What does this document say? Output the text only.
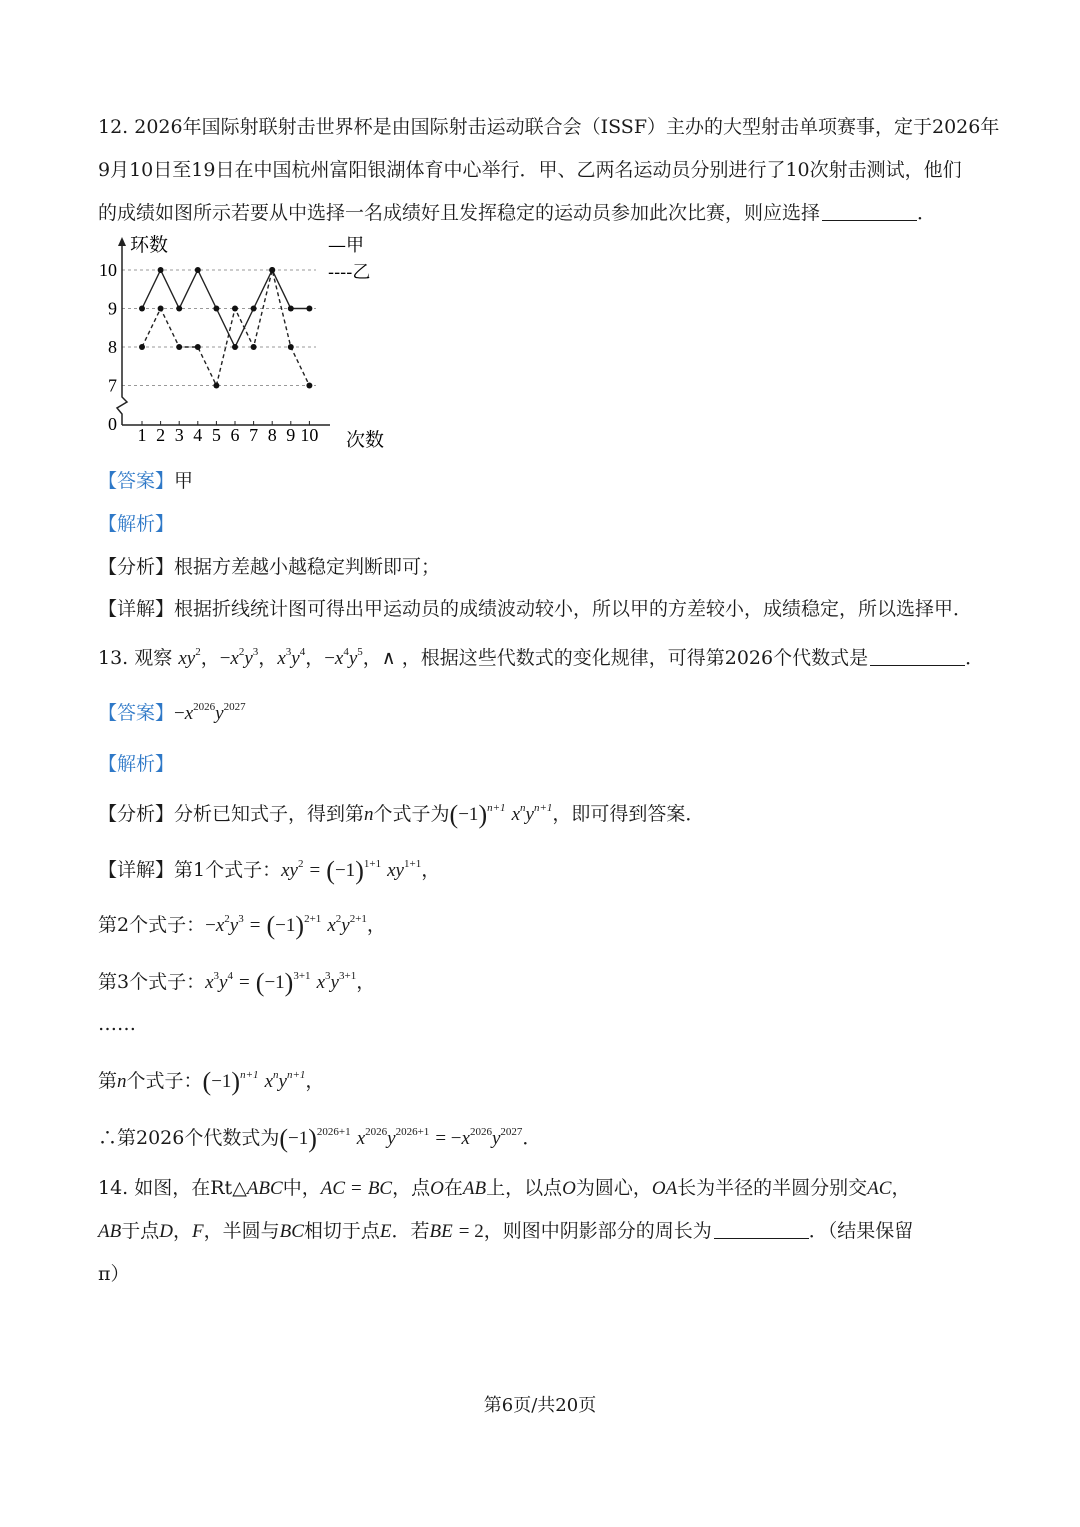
12. 2026年国际射联射击世界杯是由国际射击运动联合会（ISSF）主办的大型射击单项赛事，定于2026年
9月10日至19日在中国杭州富阳银湖体育中心举行．甲、乙两名运动员分别进行了10次射击测试，他们
的成绩如图所示若要从中选择一名成绩好且发挥稳定的运动员参加此次比赛，则应选择	．
7
8
9
10
0
1 2 3 4 5 6 7 8 9 10
环数
次数
—甲
----乙
【答案】甲
【解析】
【分析】根据方差越小越稳定判断即可；
【详解】根据折线统计图可得出甲运动员的成绩波动较小，所以甲的方差较小，成绩稳定，所以选择甲．
13. 观察 $xy^2$，$-x^2y^3$，$x^3y^4$，$-x^4y^5$，∧ ，根据这些代数式的变化规律，可得第2026个代数式是	．
【答案】$-x^{2026}y^{2027}$
【解析】
【分析】分析已知式子，得到第n个式子为$(-1)^{n+1}$ $x^ny^{n+1}$，即可得到答案．
【详解】第1个式子：$xy^2 = (-1)^{1+1}$ $xy^{1+1}$，
第2个式子：$-x^2y^3 = (-1)^{2+1}$ $x^2y^{2+1}$，
第3个式子：$x^3y^4 = (-1)^{3+1}$ $x^3y^{3+1}$，
……
第n个式子：$(-1)^{n+1}$ $x^ny^{n+1}$，
∴第2026个代数式为$(-1)^{2026+1}$ $x^{2026}y^{2026+1} = -x^{2026}y^{2027}$．
14. 如图，在Rt△ABC中，AC = BC，点O在AB上，以点O为圆心，OA长为半径的半圆分别交AC，
AB于点D，F，半圆与BC相切于点E．若BE = 2，则图中阴影部分的周长为	．（结果保留
π）
第6页/共20页
